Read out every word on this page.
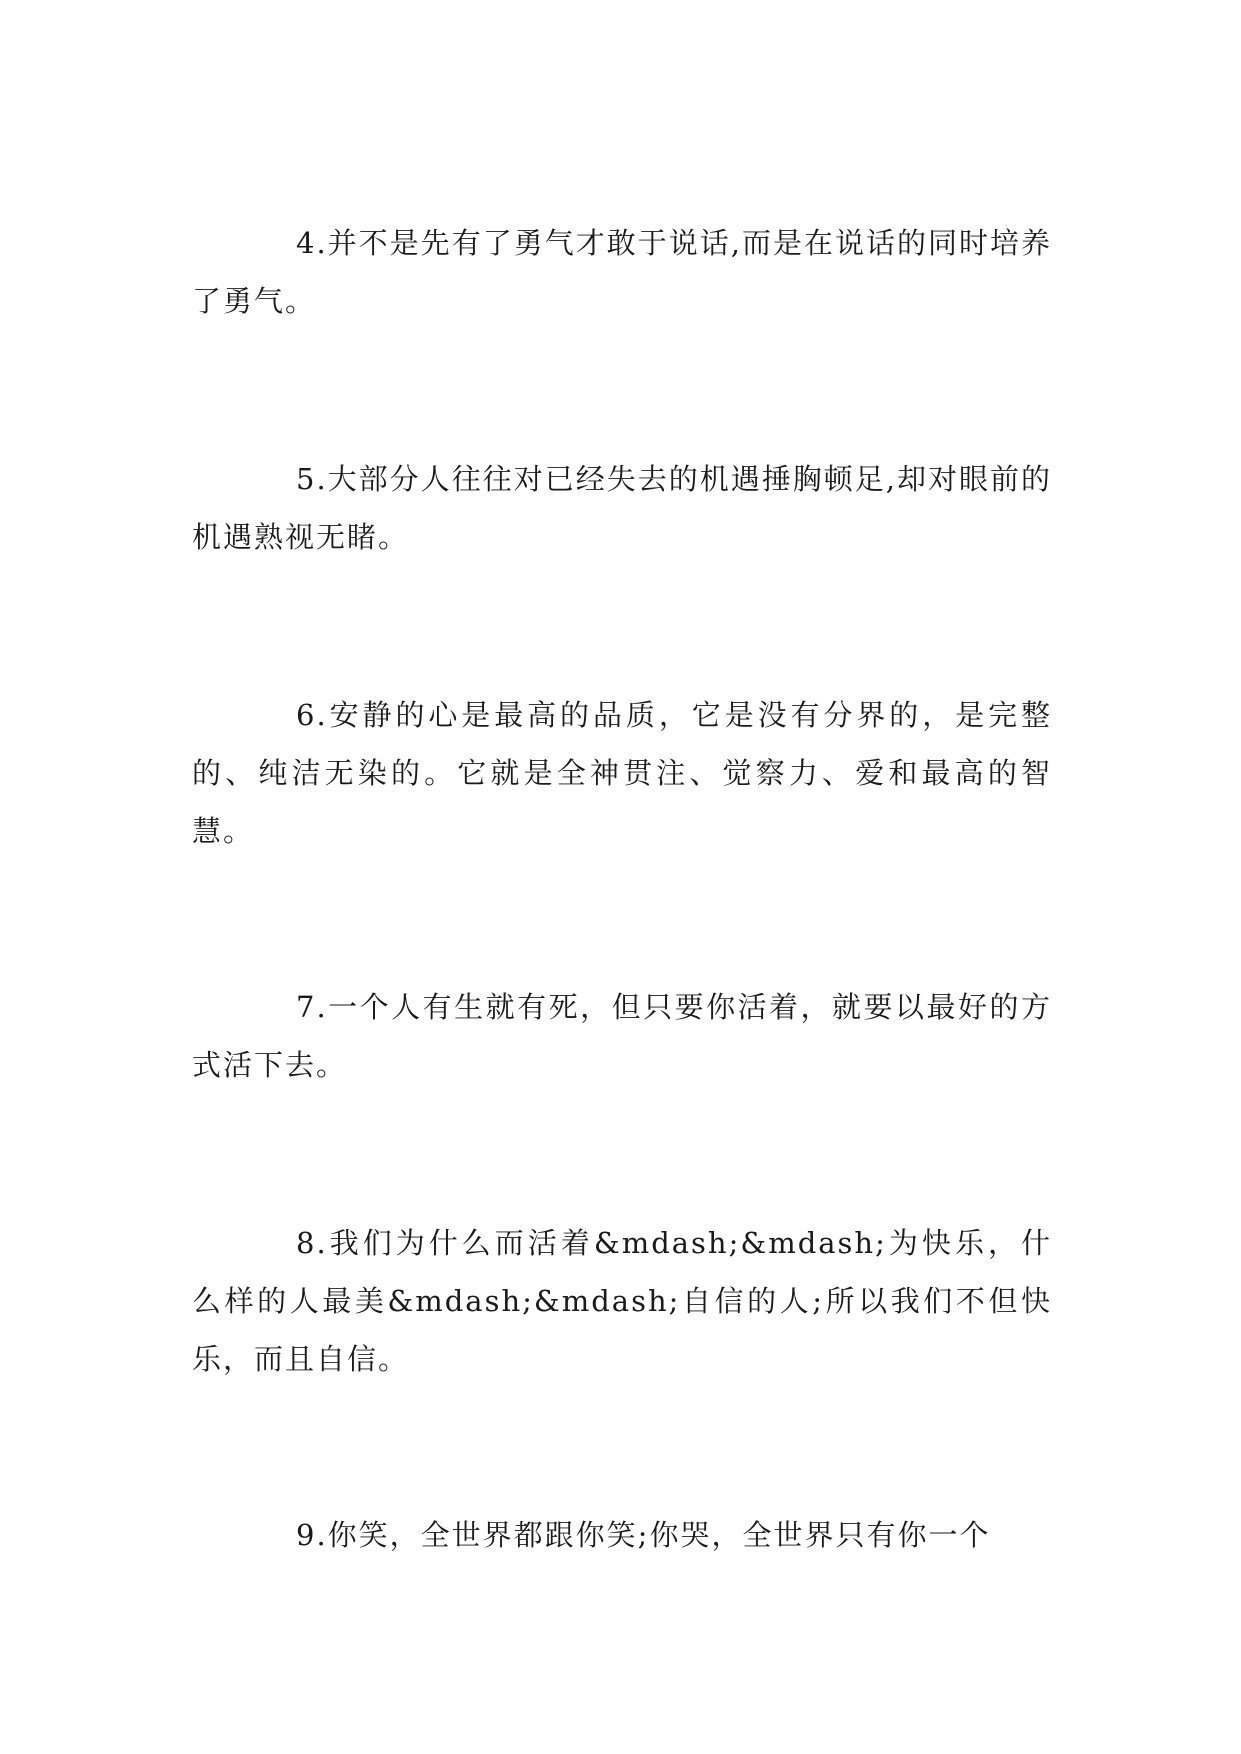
4.并不是先有了勇气才敢于说话,而是在说话的同时培养了勇气。

5.大部分人往往对已经失去的机遇捶胸顿足,却对眼前的机遇熟视无睹。

6.安静的心是最高的品质，它是没有分界的，是完整的、纯洁无染的。它就是全神贯注、觉察力、爱和最高的智慧。

7.一个人有生就有死，但只要你活着，就要以最好的方式活下去。

8.我们为什么而活着&mdash;&mdash;为快乐，什么样的人最美&mdash;&mdash;自信的人;所以我们不但快乐，而且自信。

9.你笑，全世界都跟你笑;你哭，全世界只有你一个
